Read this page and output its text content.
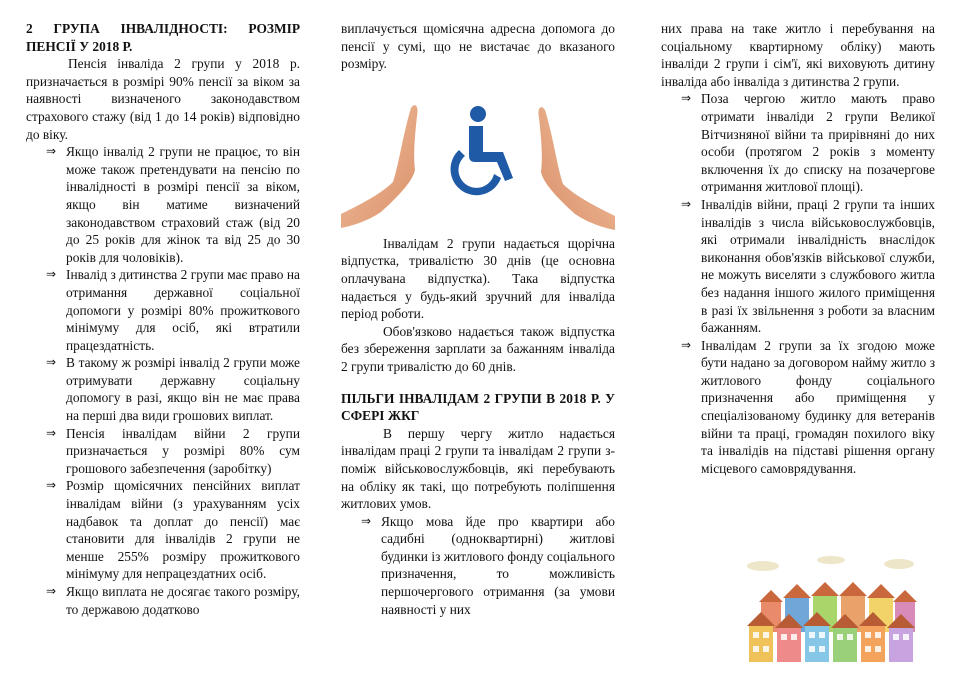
2 ГРУПА ІНВАЛІДНОСТІ: РОЗМІР ПЕНСІЇ У 2018 Р.

Пенсія інваліда 2 групи у 2018 р. призначається в розмірі 90% пенсії за віком за наявності визначеного законодавством страхового стажу (від 1 до 14 років) відповідно до віку.

⇒ Якщо інвалід 2 групи не працює, то він може також претендувати на пенсію по інвалідності в розмірі пенсії за віком, якщо він матиме визначений законодавством страховий стаж (від 20 до 25 років для жінок та від 25 до 30 років для чоловіків).
⇒ Інвалід з дитинства 2 групи має право на отримання державної соціальної допомоги у розмірі 80% прожиткового мінімуму для осіб, які втратили працездатність.
⇒ В такому ж розмірі інвалід 2 групи може отримувати державну соціальну допомогу в разі, якщо він не має права на перші два види грошових виплат.
⇒ Пенсія інвалідам війни 2 групи призначається у розмірі 80% сум грошового забезпечення (заробітку)
⇒ Розмір щомісячних пенсійних виплат інвалідам війни (з урахуванням усіх надбавок та доплат до пенсії) має становити для інвалідів 2 групи не менше 255% розміру прожиткового мінімуму для непрацездатних осіб.
⇒ Якщо виплата не досягає такого розміру, то державою додатково

виплачується щомісячна адресна допомога до пенсії у сумі, що не вистачає до вказаного розміру.

Інвалідам 2 групи надається щорічна відпустка, тривалістю 30 днів (це основна оплачувана відпустка). Така відпустка надається у будь-який зручний для інваліда період роботи.

Обов'язково надається також відпустка без збереження зарплати за бажанням інваліда 2 групи тривалістю до 60 днів.

ПІЛЬГИ ІНВАЛІДАМ 2 ГРУПИ В 2018 Р. У СФЕРІ ЖКГ

В першу чергу житло надається інвалідам праці 2 групи та інвалідам 2 групи з-поміж військовослужбовців, які перебувають на обліку як такі, що потребують поліпшення житлових умов.

⇒ Якщо мова йде про квартири або садибні (одноквартирні) житлові будинки із житлового фонду соціального призначення, то можливість першочергового отримання (за умови наявності у них

них права на таке житло і перебування на соціальному квартирному обліку) мають інваліди 2 групи і сім'ї, які виховують дитину інваліда або інваліда з дитинства 2 групи.

⇒ Поза чергою житло мають право отримати інваліди 2 групи Великої Вітчизняної війни та прирівняні до них особи (протягом 2 років з моменту включення їх до списку на позачергове отримання житлової площі).
⇒ Інвалідів війни, праці 2 групи та інших інвалідів з числа військовослужбовців, які отримали інвалідність внаслідок виконання обов'язків військової служби, не можуть виселяти з службового житла без надання іншого жилого приміщення в разі їх звільнення з роботи за власним бажанням.
⇒ Інвалідам 2 групи за їх згодою може бути надано за договором найму житло з житлового фонду соціального призначення або приміщення у спеціалізованому будинку для ветеранів війни та праці, громадян похилого віку та інвалідів на підставі рішення органу місцевого самоврядування.
